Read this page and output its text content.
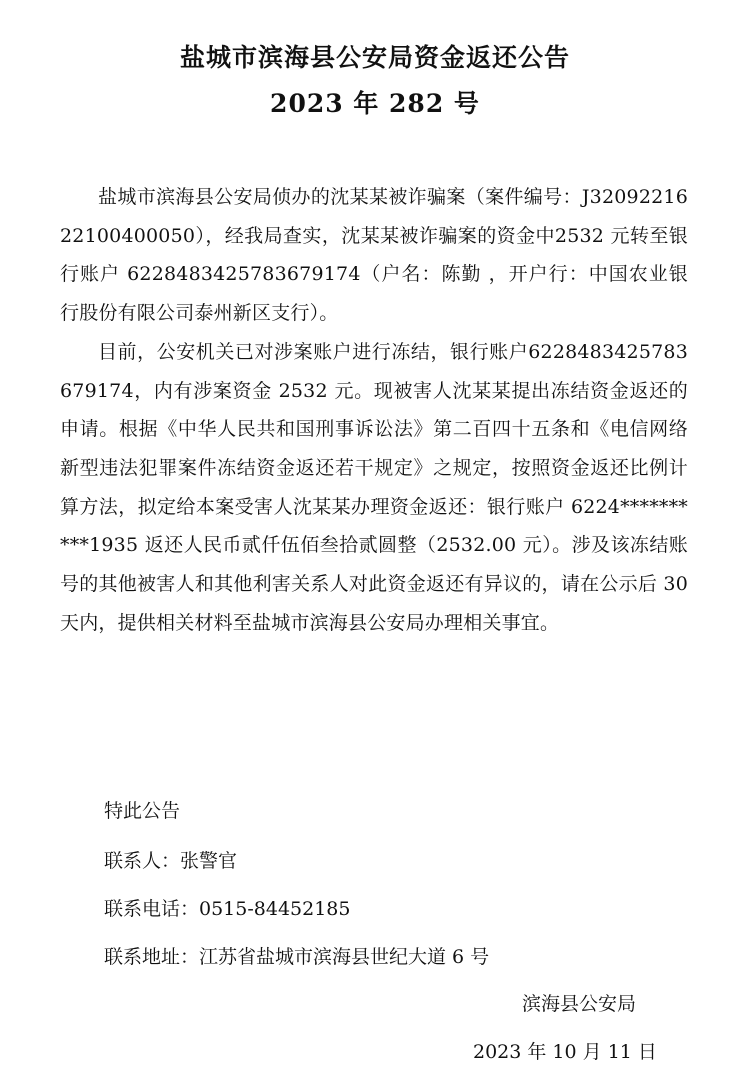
盐城市滨海县公安局资金返还公告
2023 年 282 号

盐城市滨海县公安局侦办的沈某某被诈骗案（案件编号：J3209221622100400050），经我局查实，沈某某被诈骗案的资金中2532 元转至银行账户 6228483425783679174（户名：陈勤 ，开户行：中国农业银行股份有限公司泰州新区支行）。

目前，公安机关已对涉案账户进行冻结，银行账户6228483425783679174，内有涉案资金 2532 元。现被害人沈某某提出冻结资金返还的申请。根据《中华人民共和国刑事诉讼法》第二百四十五条和《电信网络新型违法犯罪案件冻结资金返还若干规定》之规定，按照资金返还比例计算方法，拟定给本案受害人沈某某办理资金返还：银行账户 6224**********1935 返还人民币贰仟伍佰叁拾贰圆整（2532.00 元）。涉及该冻结账号的其他被害人和其他利害关系人对此资金返还有异议的，请在公示后 30 天内，提供相关材料至盐城市滨海县公安局办理相关事宜。

特此公告
联系人：张警官
联系电话：0515-84452185
联系地址：江苏省盐城市滨海县世纪大道 6 号
滨海县公安局
2023 年 10 月 11 日
